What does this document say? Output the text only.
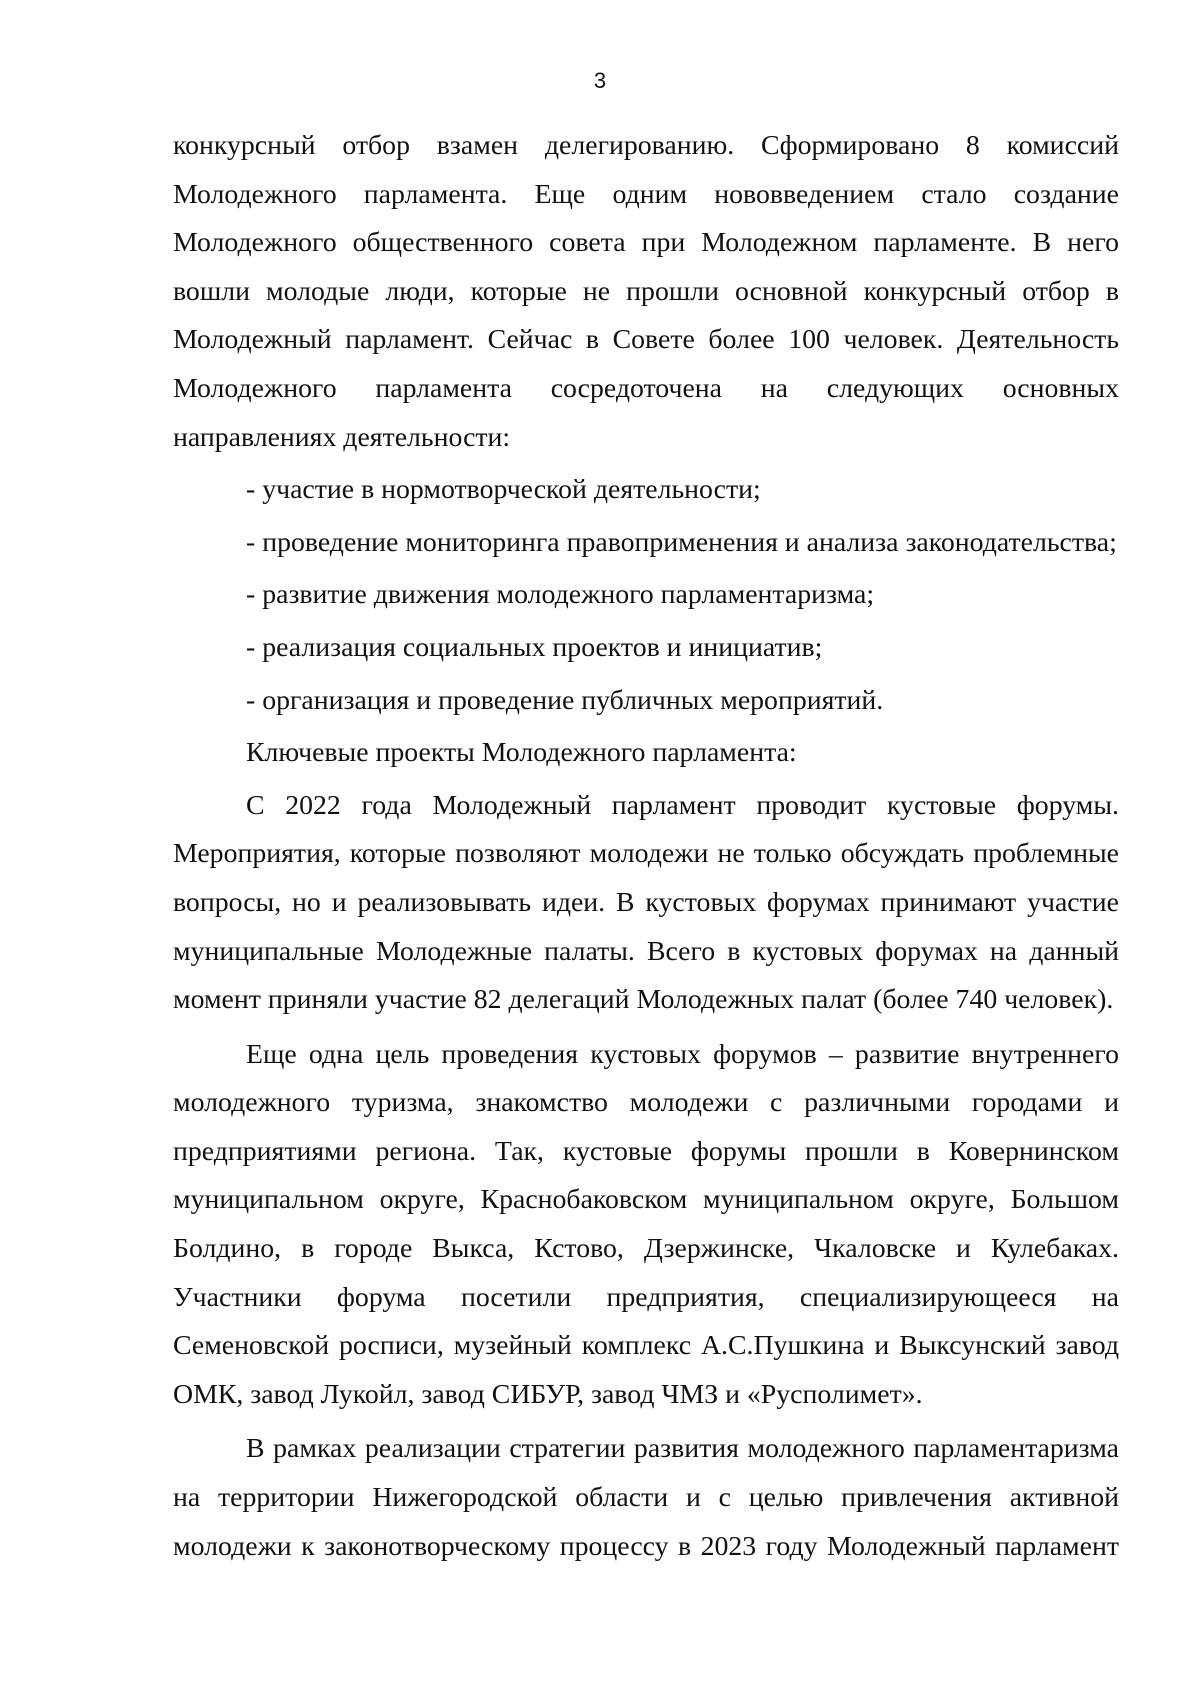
3

конкурсный отбор взамен делегированию. Сформировано 8 комиссий Молодежного парламента. Еще одним нововведением стало создание Молодежного общественного совета при Молодежном парламенте. В него вошли молодые люди, которые не прошли основной конкурсный отбор в Молодежный парламент. Сейчас в Совете более 100 человек. Деятельность Молодежного парламента сосредоточена на следующих основных направлениях деятельности:

- участие в нормотворческой деятельности;

- проведение мониторинга правоприменения и анализа законодательства;

- развитие движения молодежного парламентаризма;

- реализация социальных проектов и инициатив;

- организация и проведение публичных мероприятий.

Ключевые проекты Молодежного парламента:

С 2022 года Молодежный парламент проводит кустовые форумы. Мероприятия, которые позволяют молодежи не только обсуждать проблемные вопросы, но и реализовывать идеи. В кустовых форумах принимают участие муниципальные Молодежные палаты. Всего в кустовых форумах на данный момент приняли участие 82 делегаций Молодежных палат (более 740 человек).

Еще одна цель проведения кустовых форумов – развитие внутреннего молодежного туризма, знакомство молодежи с различными городами и предприятиями региона. Так, кустовые форумы прошли в Ковернинском муниципальном округе, Краснобаковском муниципальном округе, Большом Болдино, в городе Выкса, Кстово, Дзержинске, Чкаловске и Кулебаках. Участники форума посетили предприятия, специализирующееся на Семеновской росписи, музейный комплекс А.С.Пушкина и Выксунский завод ОМК, завод Лукойл, завод СИБУР, завод ЧМЗ и «Русполимет».

В рамках реализации стратегии развития молодежного парламентаризма на территории Нижегородской области и с целью привлечения активной молодежи к законотворческому процессу в 2023 году Молодежный парламент
